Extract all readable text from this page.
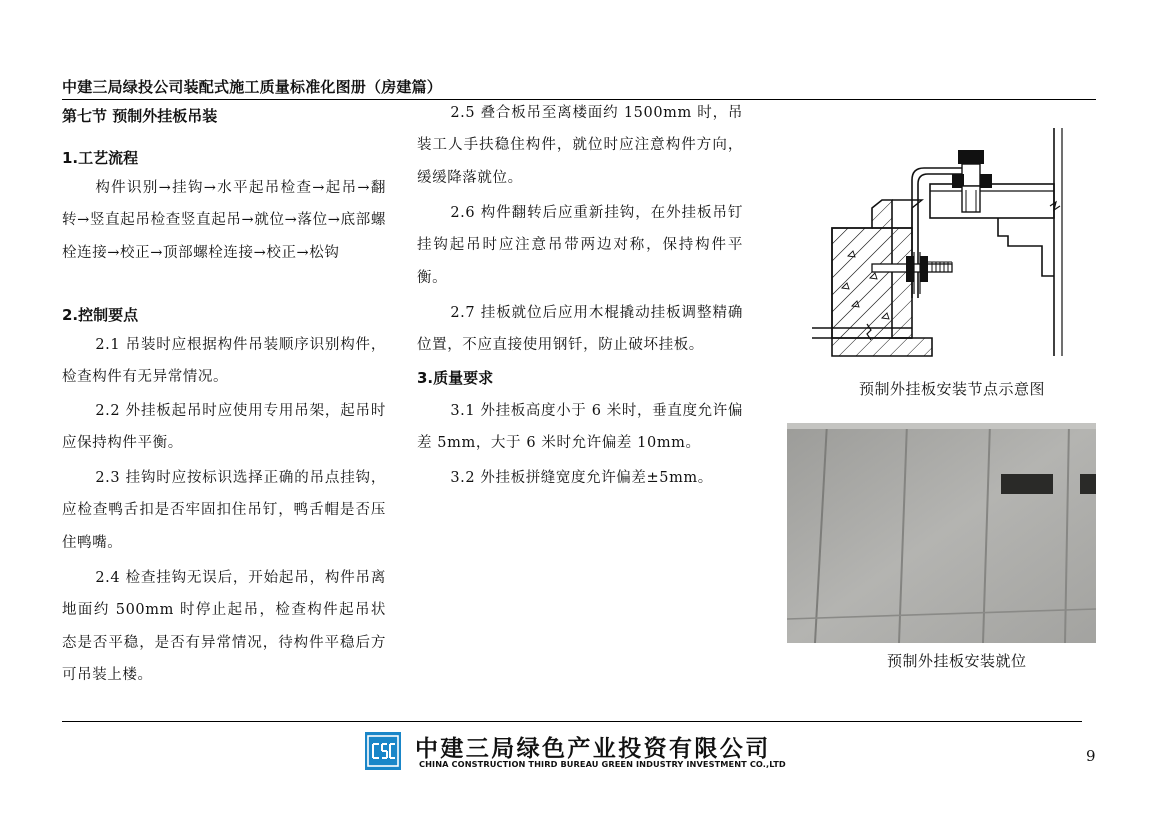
中建三局绿投公司装配式施工质量标准化图册（房建篇）
第七节 预制外挂板吊装
1.工艺流程

构件识别→挂钩→水平起吊检查→起吊→翻转→竖直起吊检查竖直起吊→就位→落位→底部螺栓连接→校正→顶部螺栓连接→校正→松钩

2.控制要点

2.1 吊装时应根据构件吊装顺序识别构件，检查构件有无异常情况。

2.2 外挂板起吊时应使用专用吊架，起吊时应保持构件平衡。

2.3 挂钩时应按标识选择正确的吊点挂钩，应检查鸭舌扣是否牢固扣住吊钉，鸭舌帽是否压住鸭嘴。

2.4 检查挂钩无误后，开始起吊，构件吊离地面约 500mm 时停止起吊，检查构件起吊状态是否平稳，是否有异常情况，待构件平稳后方可吊装上楼。

2.5 叠合板吊至离楼面约 1500mm 时，吊装工人手扶稳住构件，就位时应注意构件方向，缓缓降落就位。

2.6 构件翻转后应重新挂钩，在外挂板吊钉挂钩起吊时应注意吊带两边对称，保持构件平衡。

2.7 挂板就位后应用木棍撬动挂板调整精确位置，不应直接使用钢钎，防止破坏挂板。

3.质量要求

3.1 外挂板高度小于 6 米时，垂直度允许偏差 5mm，大于 6 米时允许偏差 10mm。

3.2 外挂板拼缝宽度允许偏差±5mm。

预制外挂板安装节点示意图
预制外挂板安装就位
中建三局绿色产业投资有限公司
CHINA CONSTRUCTION THIRD BUREAU GREEN INDUSTRY INVESTMENT CO.,LTD	9
